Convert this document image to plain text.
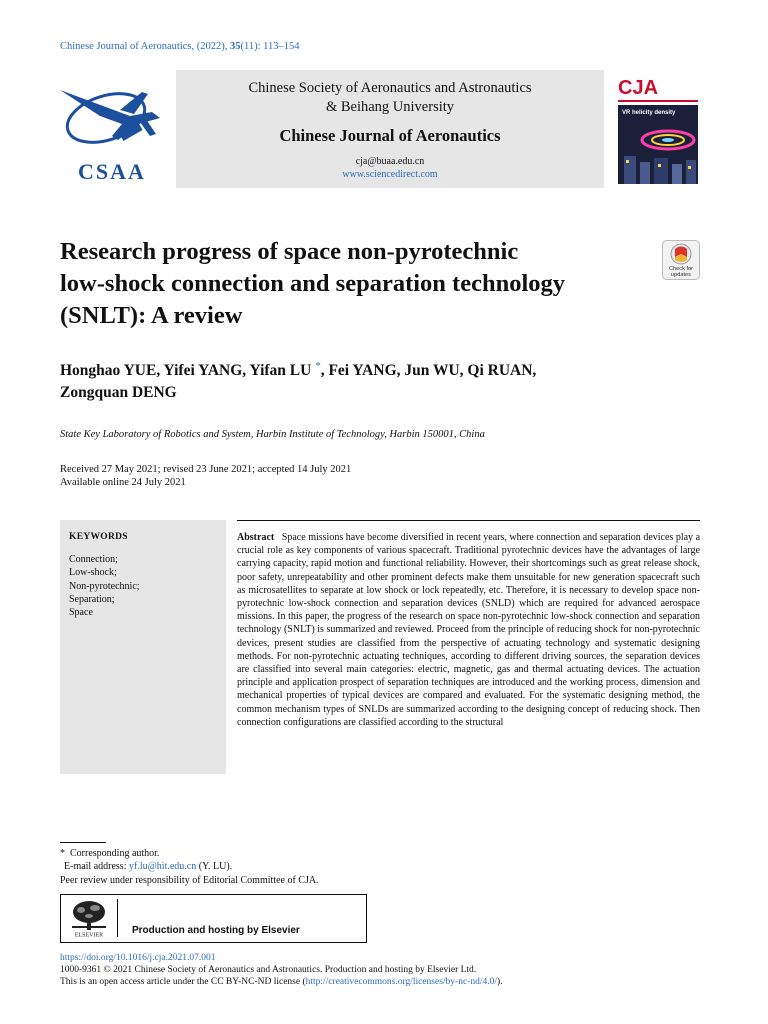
Chinese Journal of Aeronautics, (2022), 35(11): 113–154
CSAA
Chinese Society of Aeronautics and Astronautics
& Beihang University
Chinese Journal of Aeronautics
cja@buaa.edu.cn
www.sciencedirect.com
CJA
VR helicity density
Research progress of space non-pyrotechnic
low-shock connection and separation technology
(SNLT): A review
Check for
updates
Honghao YUE, Yifei YANG, Yifan LU *, Fei YANG, Jun WU, Qi RUAN,
Zongquan DENG
State Key Laboratory of Robotics and System, Harbin Institute of Technology, Harbin 150001, China
Received 27 May 2021; revised 23 June 2021; accepted 14 July 2021
Available online 24 July 2021
KEYWORDS
Connection;
Low-shock;
Non-pyrotechnic;
Separation;
Space
Abstract Space missions have become diversified in recent years, where connection and separation devices play a crucial role as key components of various spacecraft. Traditional pyrotechnic devices have the advantages of large carrying capacity, rapid motion and functional reliability. However, their shortcomings such as great release shock, poor safety, unrepeatability and other prominent defects make them unsuitable for new generation spacecraft such as microsatellites to separate at low shock or lock repeatedly, etc. Therefore, it is necessary to develop space non-pyrotechnic low-shock connection and separation devices (SNLD) which are required for advanced aerospace missions. In this paper, the progress of the research on space non-pyrotechnic low-shock connection and separation technology (SNLT) is summarized and reviewed. Proceed from the principle of reducing shock for non-pyrotechnic devices, present studies are classified from the perspective of actuating technology and systematic designing methods. For non-pyrotechnic actuating techniques, according to different driving sources, the separation devices are classified into several main categories: electric, magnetic, gas and thermal actuating devices. The actuation principle and application prospect of separation techniques are introduced and the working process, dimension and mechanical properties of typical devices are compared and evaluated. For the systematic designing method, the common mechanism types of SNLDs are summarized according to the designing concept of reducing shock. Then connection configurations are classified according to the structural
* Corresponding author.
E-mail address: yf.lu@hit.edu.cn (Y. LU).
Peer review under responsibility of Editorial Committee of CJA.
ELSEVIER	Production and hosting by Elsevier
https://doi.org/10.1016/j.cja.2021.07.001
1000-9361 © 2021 Chinese Society of Aeronautics and Astronautics. Production and hosting by Elsevier Ltd.
This is an open access article under the CC BY-NC-ND license (http://creativecommons.org/licenses/by-nc-nd/4.0/).
